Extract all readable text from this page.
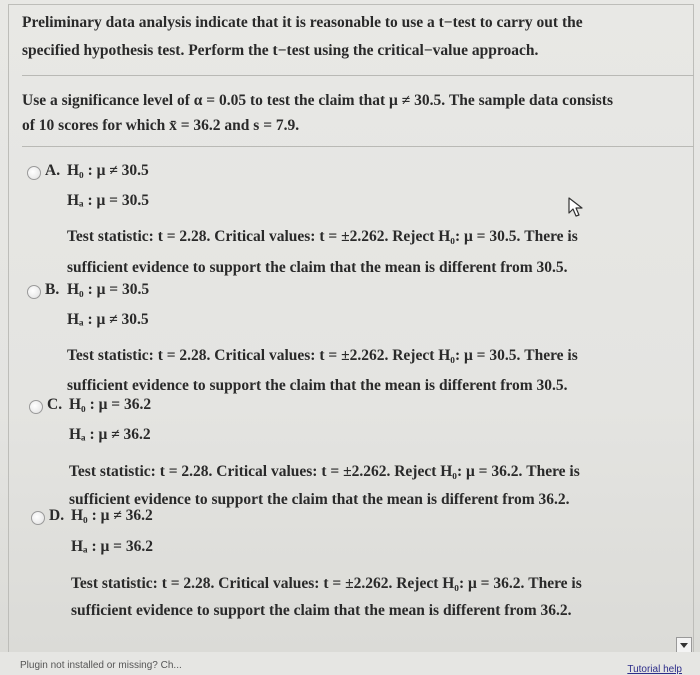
Preliminary data analysis indicate that it is reasonable to use a t−test to carry out the
specified hypothesis test. Perform the t−test using the critical−value approach.
Use a significance level of α = 0.05 to test the claim that μ ≠ 30.5. The sample data consists
of 10 scores for which x̄ = 36.2 and s = 7.9.
A. H₀ : μ ≠ 30.5
Hₐ : μ = 30.5
Test statistic: t = 2.28. Critical values: t = ±2.262. Reject H₀: μ = 30.5. There is
sufficient evidence to support the claim that the mean is different from 30.5.
B. H₀ : μ = 30.5
Hₐ : μ ≠ 30.5
Test statistic: t = 2.28. Critical values: t = ±2.262. Reject H₀: μ = 30.5. There is
sufficient evidence to support the claim that the mean is different from 30.5.
C. H₀ : μ = 36.2
Hₐ : μ ≠ 36.2
Test statistic: t = 2.28. Critical values: t = ±2.262. Reject H₀: μ = 36.2. There is
sufficient evidence to support the claim that the mean is different from 36.2.
D. H₀ : μ ≠ 36.2
Hₐ : μ = 36.2
Test statistic: t = 2.28. Critical values: t = ±2.262. Reject H₀: μ = 36.2. There is
sufficient evidence to support the claim that the mean is different from 36.2.
Plugin not installed or missing? Ch...	Tutorial help
